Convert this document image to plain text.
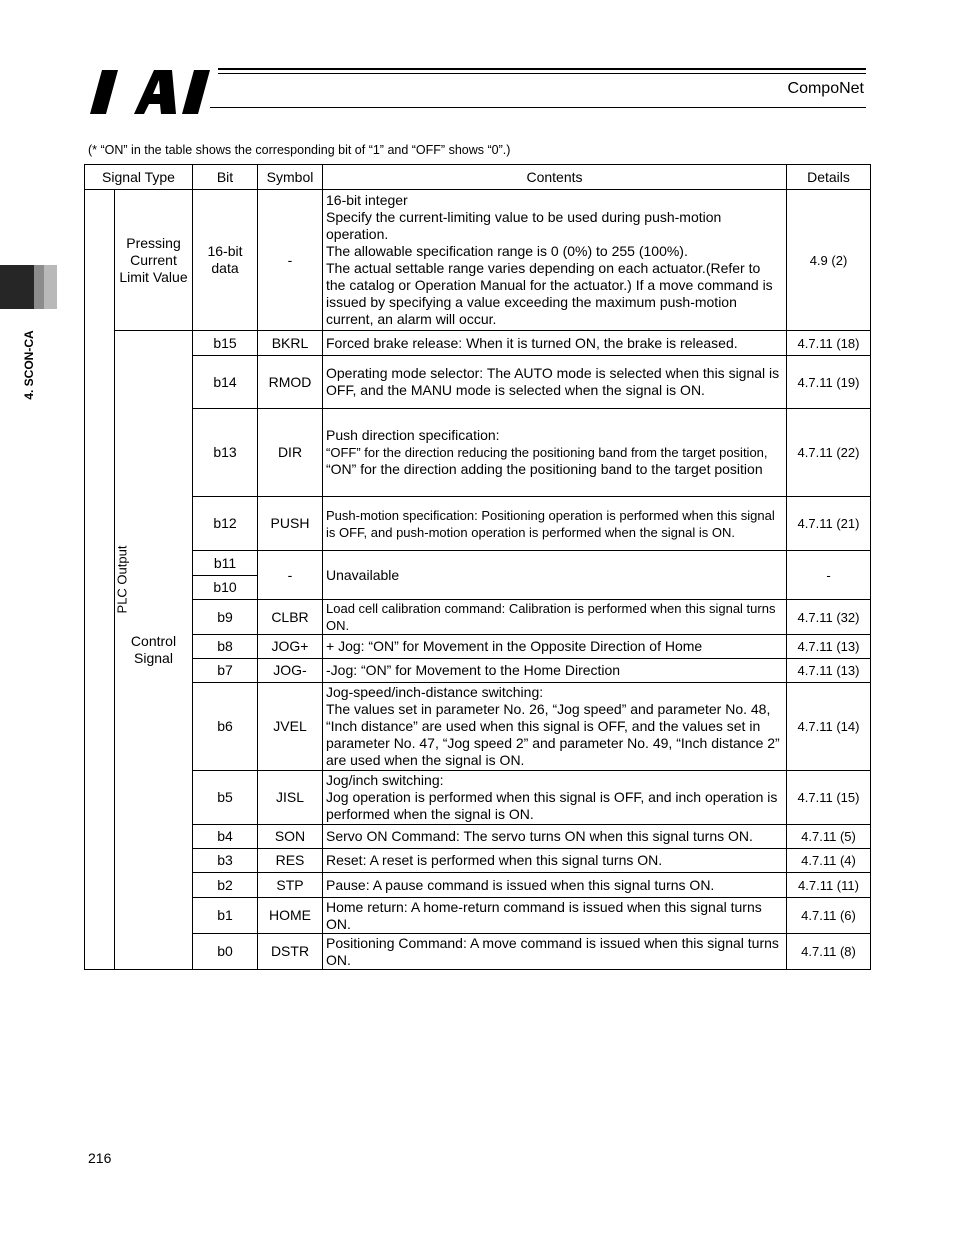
CompoNet
4. SCON-CA
(* “ON” in the table shows the corresponding bit of “1” and “OFF” shows “0”.)
Signal Type		Bit	Symbol	Contents	Details
PLC Output	Pressing Current Limit Value	16-bit data	-	16-bit integer
Specify the current-limiting value to be used during push-motion operation.
The allowable specification range is 0 (0%) to 255 (100%).
The actual settable range varies depending on each actuator.(Refer to the catalog or Operation Manual for the actuator.) If a move command is issued by specifying a value exceeding the maximum push-motion current, an alarm will occur.	4.9 (2)
	Control Signal	b15	BKRL	Forced brake release: When it is turned ON, the brake is released.	4.7.11 (18)
		b14	RMOD	Operating mode selector: The AUTO mode is selected when this signal is OFF, and the MANU mode is selected when the signal is ON.	4.7.11 (19)
		b13	DIR	Push direction specification:
“OFF” for the direction reducing the positioning band from the target position,
“ON” for the direction adding the positioning band to the target position	4.7.11 (22)
		b12	PUSH	Push-motion specification: Positioning operation is performed when this signal is OFF, and push-motion operation is performed when the signal is ON.	4.7.11 (21)
		b11	-	Unavailable	-
		b10			
		b9	CLBR	Load cell calibration command: Calibration is performed when this signal turns ON.	4.7.11 (32)
		b8	JOG+	+ Jog: “ON” for Movement in the Opposite Direction of Home	4.7.11 (13)
		b7	JOG-	-Jog: “ON” for Movement to the Home Direction	4.7.11 (13)
		b6	JVEL	Jog-speed/inch-distance switching:
The values set in parameter No. 26, “Jog speed” and parameter No. 48, “Inch distance” are used when this signal is OFF, and the values set in parameter No. 47, “Jog speed 2” and parameter No. 49, “Inch distance 2” are used when the signal is ON.	4.7.11 (14)
		b5	JISL	Jog/inch switching:
Jog operation is performed when this signal is OFF, and inch operation is performed when the signal is ON.	4.7.11 (15)
		b4	SON	Servo ON Command: The servo turns ON when this signal turns ON.	4.7.11 (5)
		b3	RES	Reset: A reset is performed when this signal turns ON.	4.7.11 (4)
		b2	STP	Pause: A pause command is issued when this signal turns ON.	4.7.11 (11)
		b1	HOME	Home return: A home-return command is issued when this signal turns ON.	4.7.11 (6)
		b0	DSTR	Positioning Command: A move command is issued when this signal turns ON.	4.7.11 (8)
216
